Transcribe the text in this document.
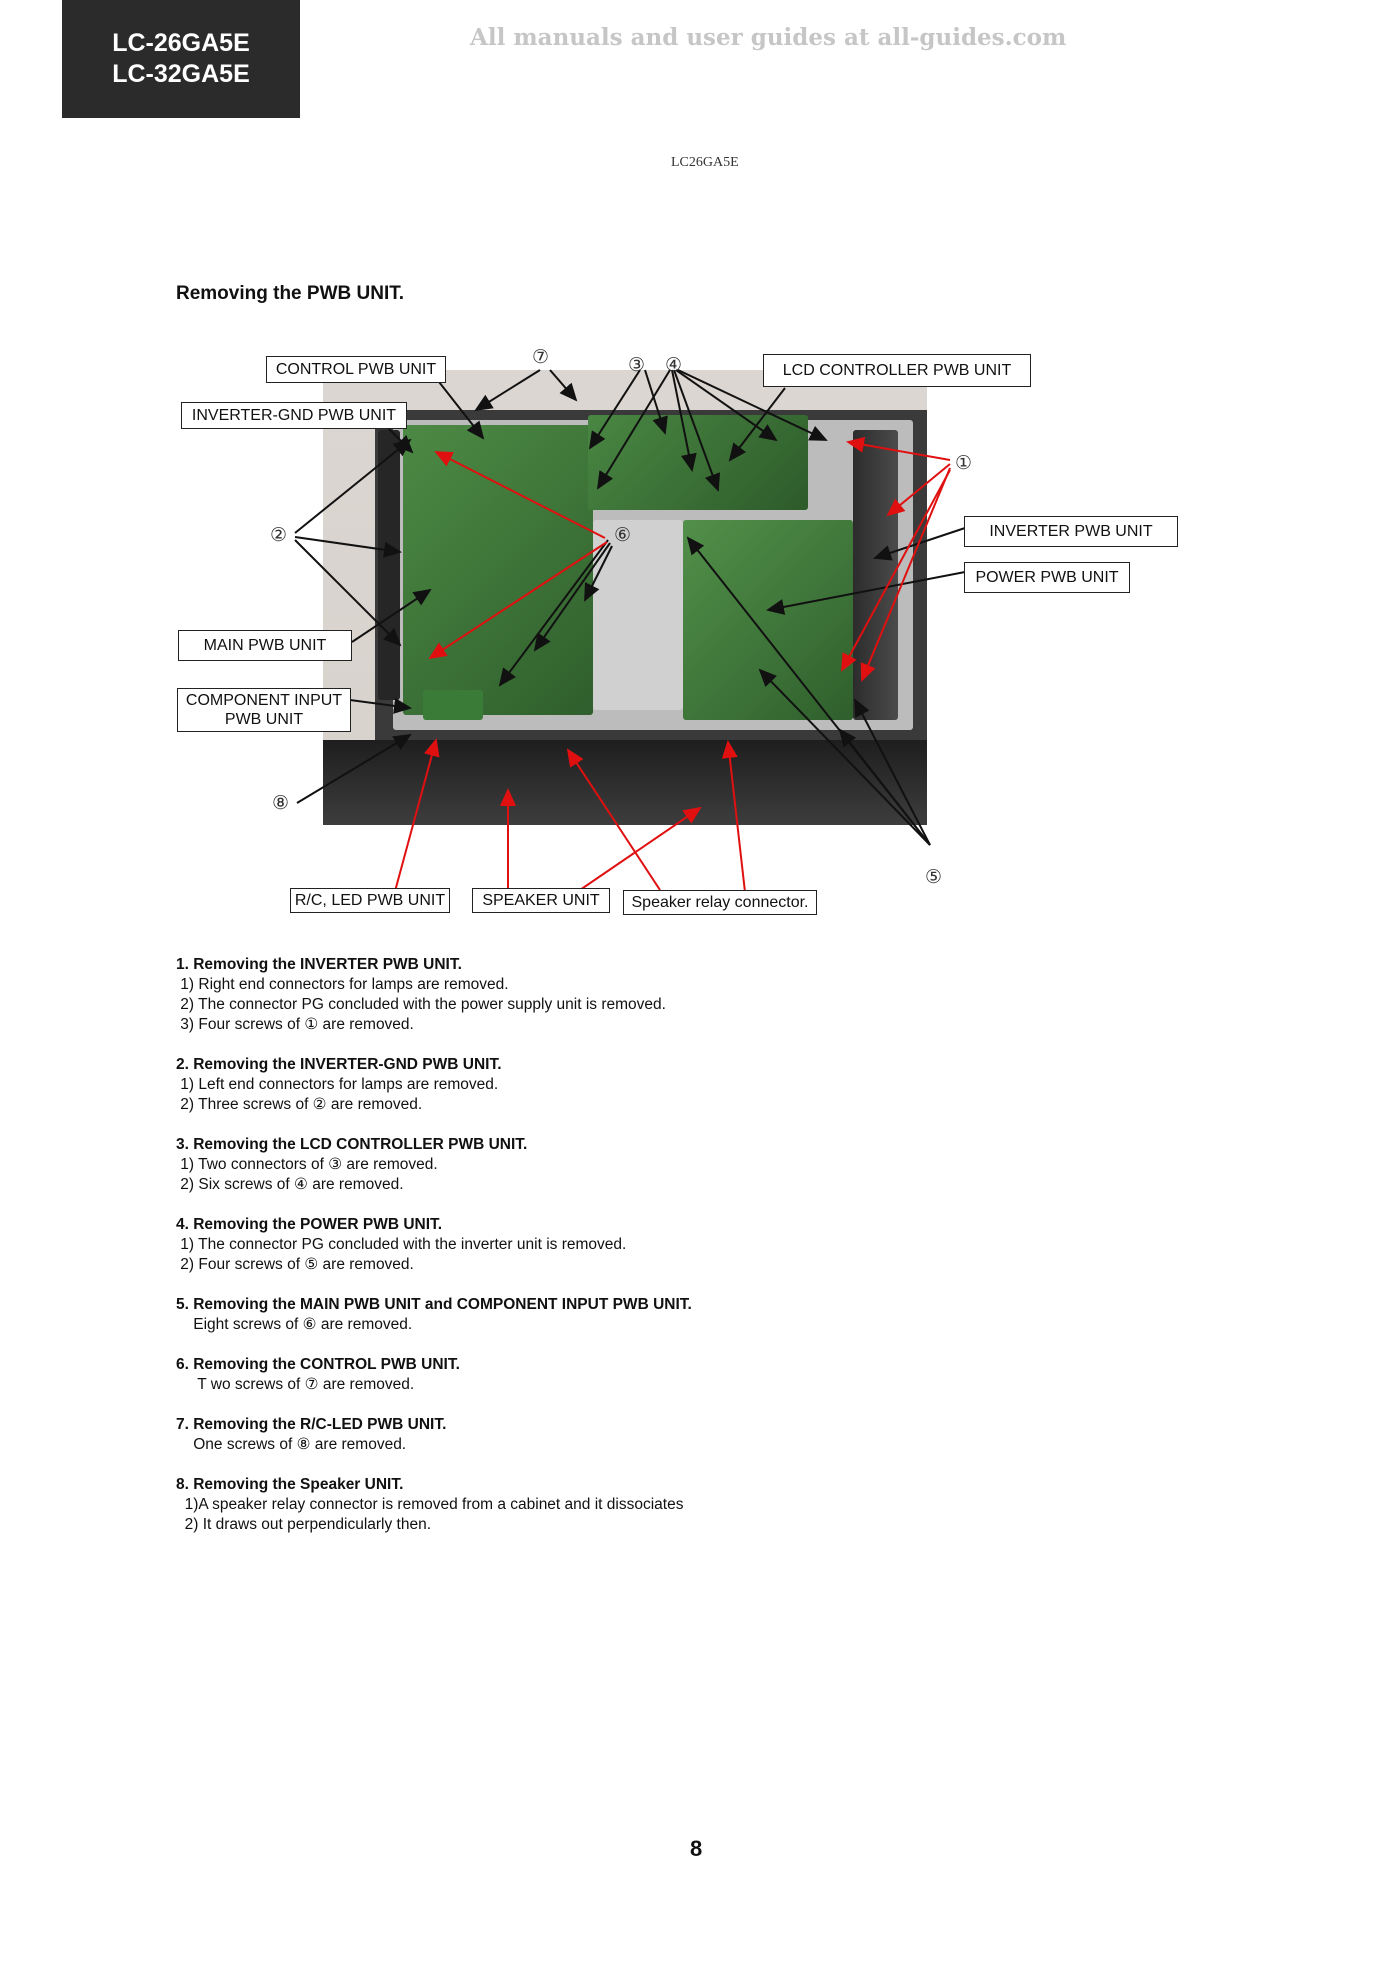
LC-26GA5E
LC-32GA5E
All manuals and user guides at all-guides.com
LC26GA5E
Removing the PWB UNIT.
CONTROL PWB UNIT
INVERTER-GND PWB UNIT
LCD CONTROLLER PWB UNIT
INVERTER PWB UNIT
POWER PWB UNIT
MAIN PWB UNIT
COMPONENT INPUT
PWB UNIT
R/C, LED PWB UNIT	SPEAKER UNIT	Speaker relay connector.
⑦	③ ④
①
②	⑥
⑧
⑤
1. Removing the INVERTER PWB UNIT.
1) Right end connectors for lamps are removed.
2) The connector PG concluded with the power supply unit is removed.
3) Four screws of ① are removed.
2. Removing the INVERTER-GND PWB UNIT.
1) Left end connectors for lamps are removed.
2) Three screws of ② are removed.
3. Removing the LCD CONTROLLER PWB UNIT.
1) Two connectors of ③ are removed.
2) Six screws of ④ are removed.
4. Removing the POWER PWB UNIT.
1) The connector PG concluded with the inverter unit is removed.
2) Four screws of ⑤ are removed.
5. Removing the MAIN PWB UNIT and COMPONENT INPUT PWB UNIT.
Eight screws of ⑥ are removed.
6. Removing the CONTROL PWB UNIT.
T wo screws of ⑦ are removed.
7. Removing the R/C-LED PWB UNIT.
One screws of ⑧ are removed.
8. Removing the Speaker UNIT.
1)A speaker relay connector is removed from a cabinet and it dissociates
2) It draws out perpendicularly then.
8
